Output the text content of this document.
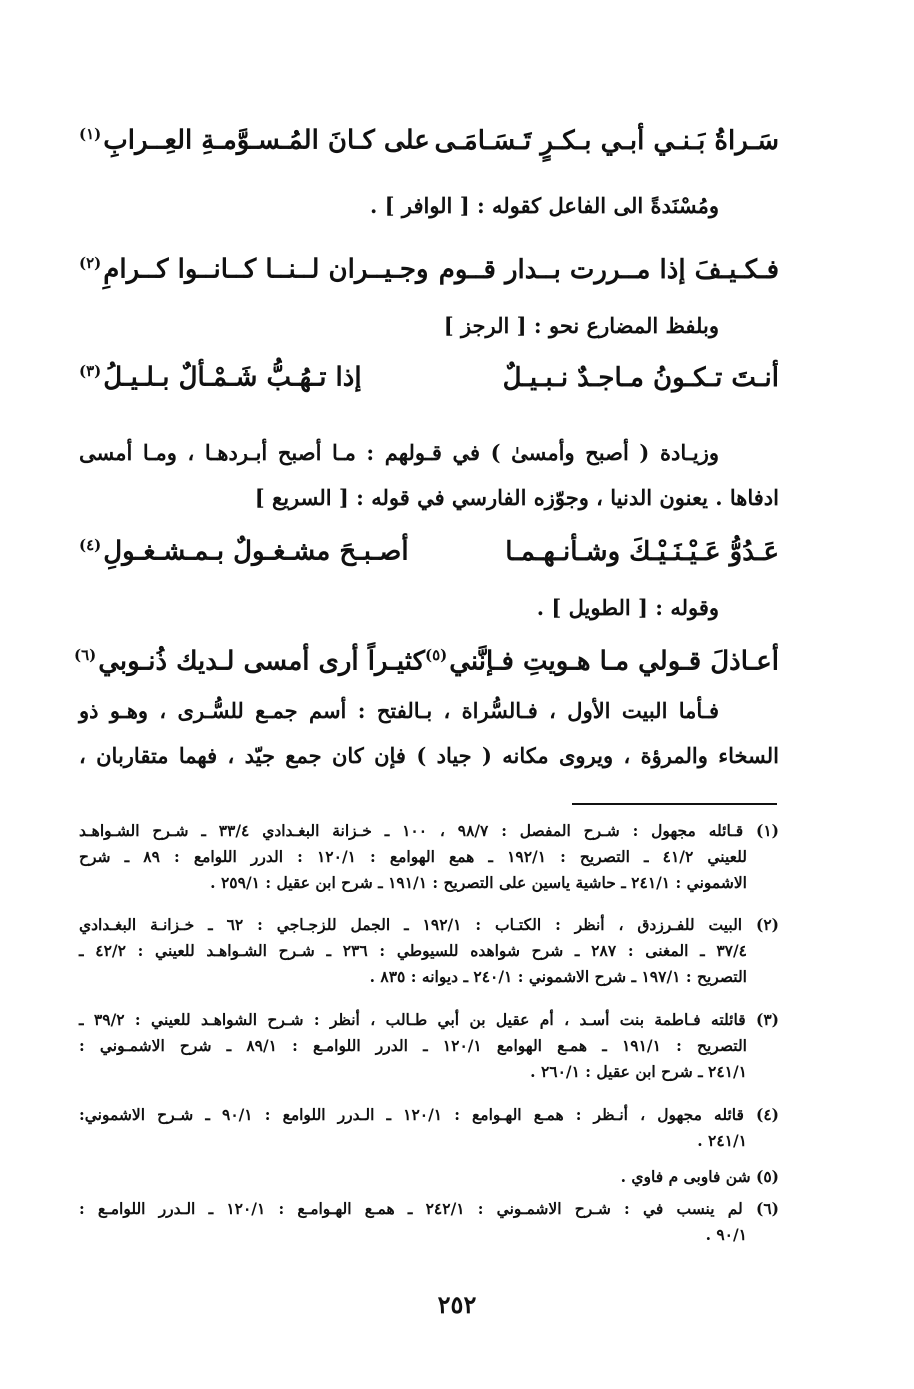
سَـراةُ بَـنـي أبـي بـكـرٍ تَـسَـامَـى
على كـانَ المُـسـوَّمـةِ العِــرابِ$^{(١)}$
ومُسْنَدةً الى الفاعل كقوله : [ الوافر ] .
فـكـيـفَ إذا مــررت بــدار قــوم
وجـيــران لــنــا كــانــوا كــرامِ$^{(٢)}$
وبلفظ المضارع نحو : [ الرجز ]
أنـتَ تـكـونُ مـاجـدٌ نـبـيـلٌ
إذا تـهُـبُّ شَـمْـألٌ بـلـيـلُ$^{(٣)}$
وزيـادة ( أصبح وأمسىٰ ) في قـولهم : مـا أصبح أبـردهـا ، ومـا أمسى
ادفاها . يعنون الدنيا ، وجوّزه الفارسي في قوله : [ السريع ]
عَـدُوُّ عَـيْـنَـيْـكَ وشـأنـهـمـا
أصـبـحَ مشـغـولٌ بـمـشـغـولِ$^{(٤)}$
وقوله : [ الطويل ] .
أعـاذلَ قـولي مـا هـويتِ فـإنَّني$^{(٥)}$
كثيـراً أرى أمسى لـديك ذُنـوبي$^{(٦)}$
فـأما البيت الأول ، فـالسُّراة ، بـالفتح : أسم جمـع للسُّـرى ، وهـو ذو
السخاء والمرؤة ، ويروى مكانه ( جياد ) فإن كان جمع جيّد ، فهما متقاربان ،
(١) قـائله مجهول : شـرح المفصل : ٩٨/٧ ، ١٠٠ ـ خـزانة البغـدادي ٣٣/٤ ـ شـرح الشـواهـد
للعيني ٤١/٢ ـ التصريح : ١٩٢/١ ـ همع الهوامع : ١٢٠/١ : الدرر اللوامع : ٨٩ ـ شرح
الاشموني : ٢٤١/١ ـ حاشية ياسين على التصريح : ١٩١/١ ـ شرح ابن عقيل : ٢٥٩/١ .
(٢) البيت للفـرزدق ، أنظر : الكتـاب : ١٩٢/١ ـ الجمل للزجـاجي : ٦٢ ـ خـزانـة البغـدادي
٣٧/٤ ـ المغنى : ٢٨٧ ـ شرح شواهده للسيوطي : ٢٣٦ ـ شـرح الشـواهـد للعيني : ٤٢/٢ ـ
التصريح : ١٩٧/١ ـ شرح الاشموني : ٢٤٠/١ ـ ديوانه : ٨٣٥ .
(٣) قائلته فـاطمة بنت أسـد ، أم عقيل بن أبي طـالب ، أنظر : شـرح الشواهـد للعيني : ٣٩/٢ ـ
التصريح : ١٩١/١ ـ همـع الهوامع ١٢٠/١ ـ الدرر اللوامـع : ٨٩/١ ـ شرح الاشمـوني :
٢٤١/١ ـ شرح ابن عقيل : ٢٦٠/١ .
(٤) قائله مجهول ، أنـظر : همـع الهـوامع : ١٢٠/١ ـ الـدرر اللوامع : ٩٠/١ ـ شـرح الاشموني:
٢٤١/١ .
(٥) ش‍ن فاوبى م فاوي .
(٦) لم ينسب في : شـرح الاشمـوني : ٢٤٢/١ ـ همـع الهـوامـع : ١٢٠/١ ـ الـدرر اللوامـع :
٩٠/١ .
٢٥٢
